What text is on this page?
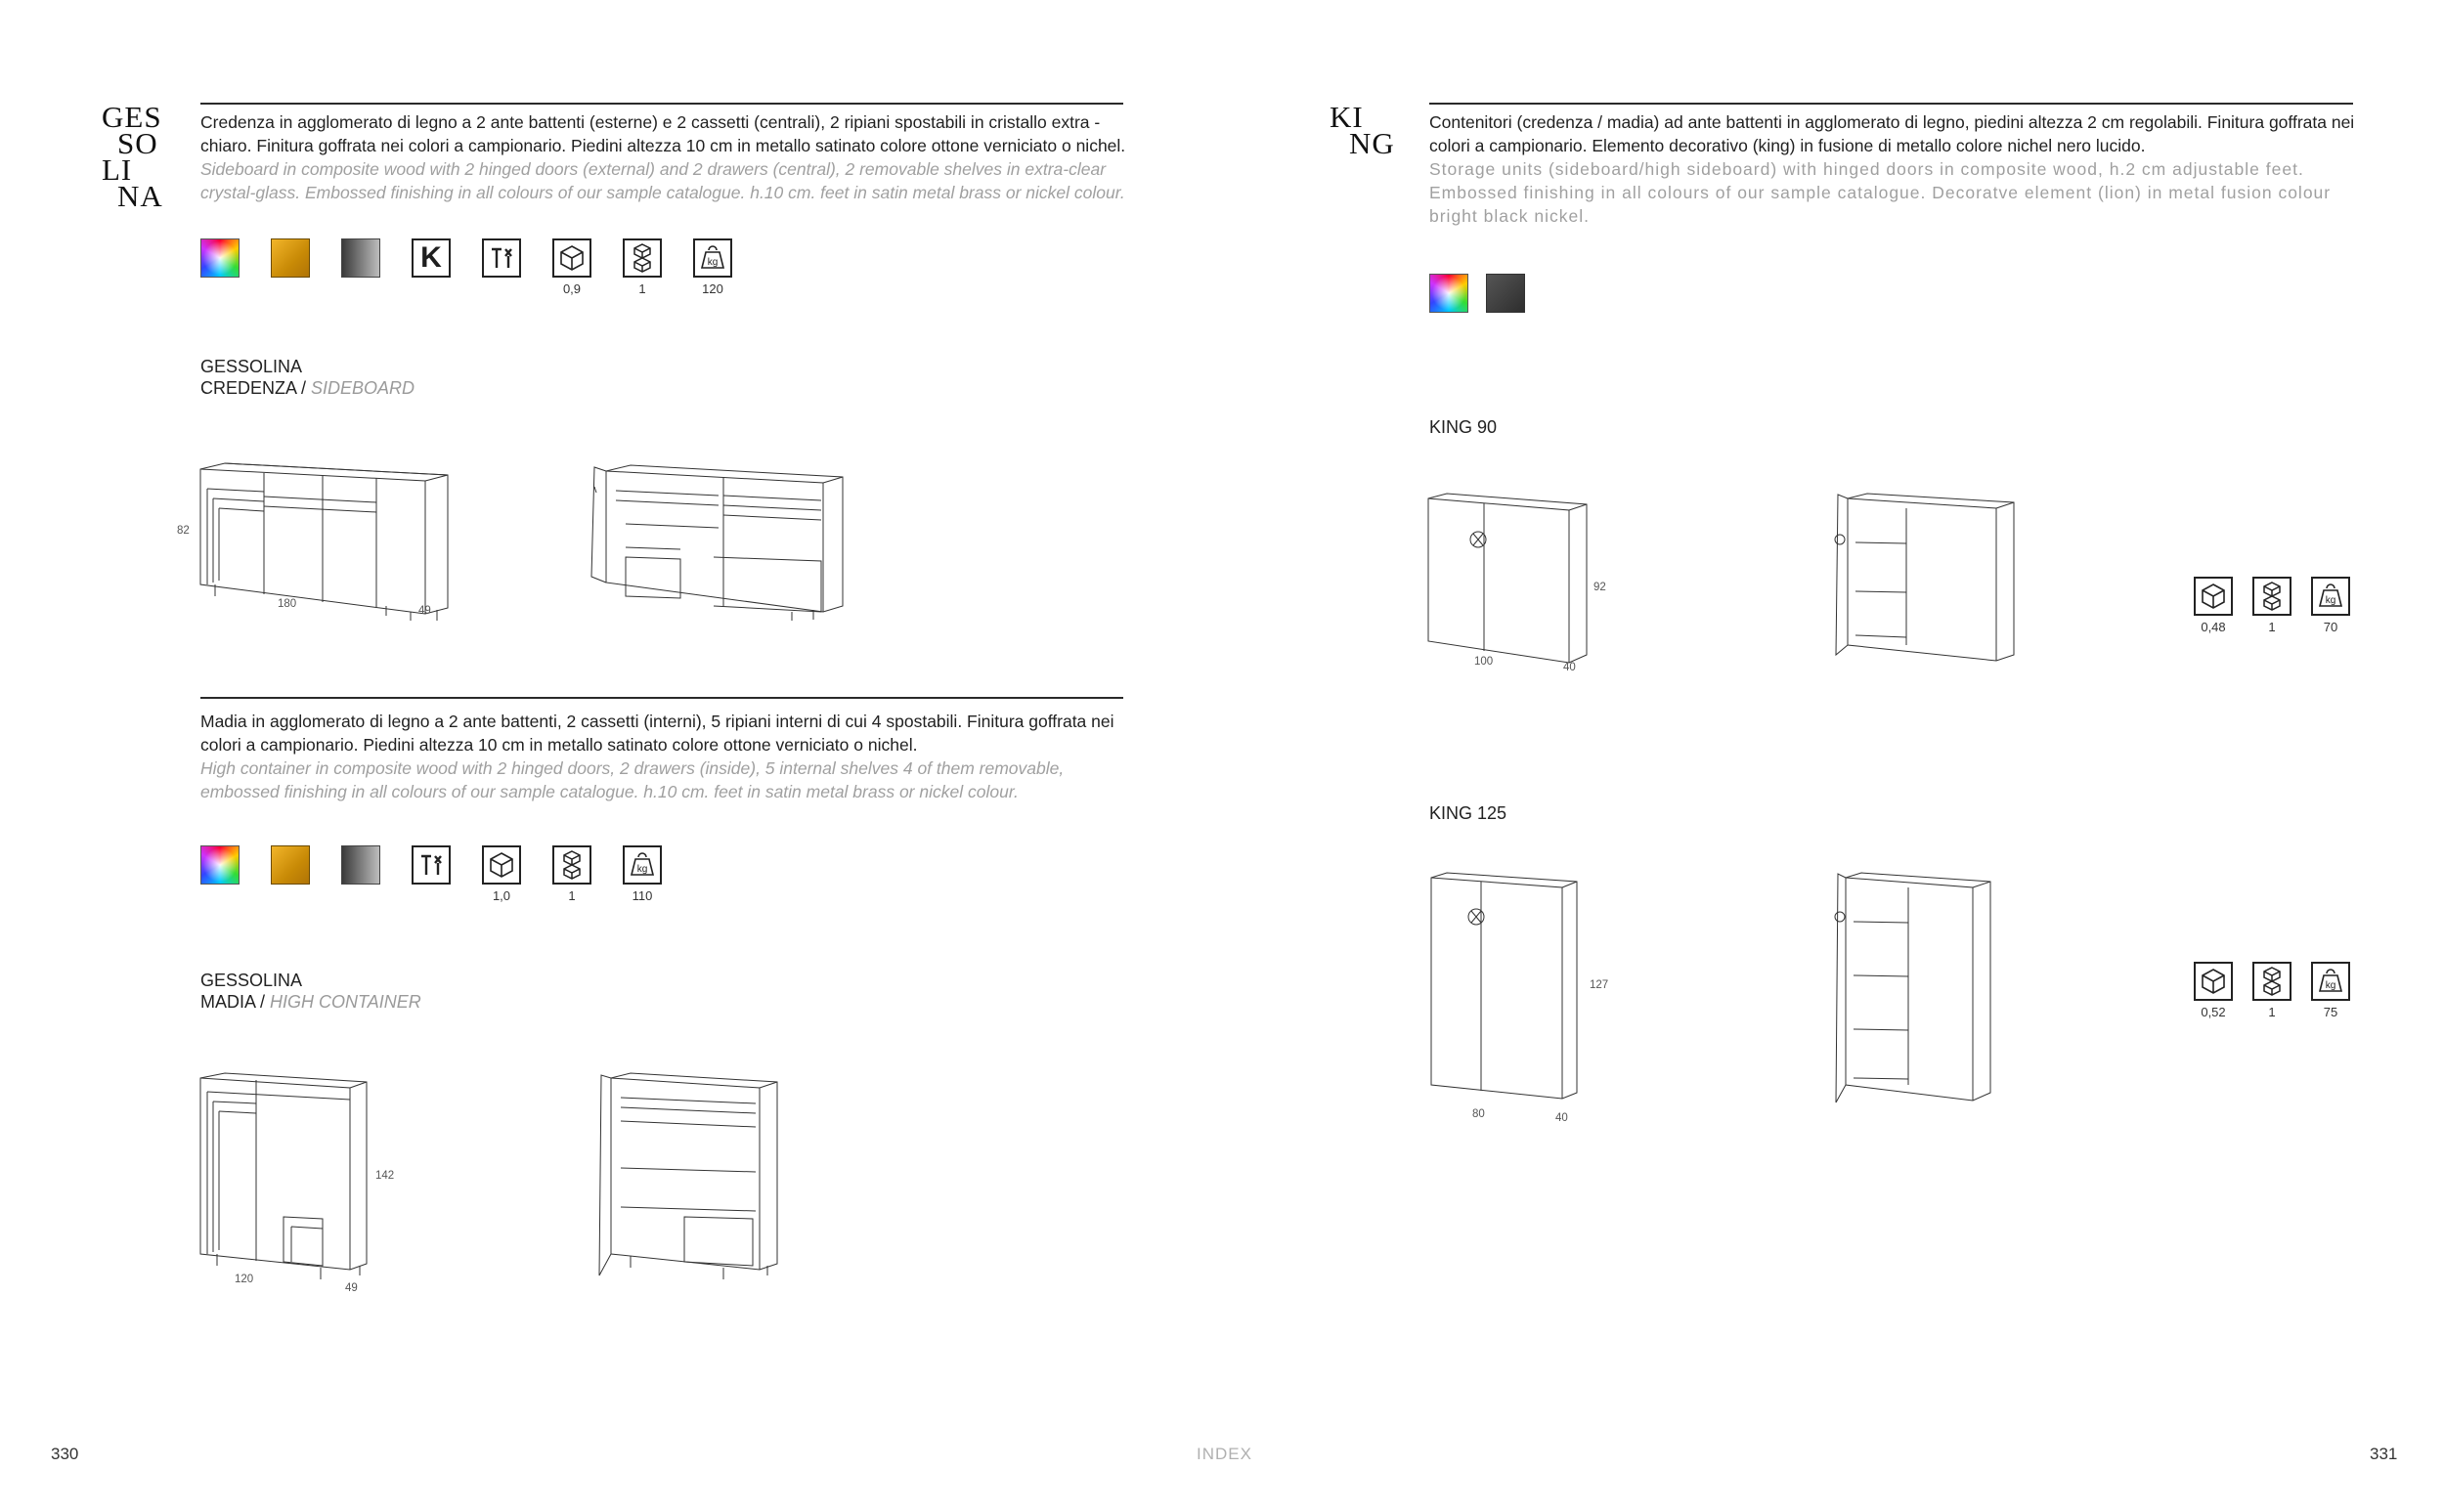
GES
SO
LI
NA
Credenza in agglomerato di legno a 2 ante battenti (esterne) e 2 cassetti (centrali), 2 ripiani spostabili in cristallo extra - chiaro. Finitura goffrata nei colori a campionario. Piedini altezza 10 cm in metallo satinato colore ottone verniciato o nichel.
Sideboard in composite wood with 2 hinged doors (external) and 2 drawers (central), 2 removable shelves in extra-clear crystal-glass. Embossed finishing in all colours of our sample catalogue. h.10 cm. feet in satin metal brass or nickel colour.
K
0,9	1
kg
120
GESSOLINA
CREDENZA / SIDEBOARD
82
180
49
Madia in agglomerato di legno a 2 ante battenti, 2 cassetti (interni), 5 ripiani interni di cui 4 spostabili. Finitura goffrata nei colori a campionario. Piedini altezza 10 cm in metallo satinato colore ottone verniciato o nichel.
High container in composite wood with 2 hinged doors, 2 drawers (inside), 5 internal shelves 4 of them removable, embossed finishing in all colours of our sample catalogue. h.10 cm. feet in satin metal brass or nickel colour.
1,0	1
kg
110
GESSOLINA
MADIA / HIGH CONTAINER
142
120
49
KI
NG
Contenitori (credenza / madia) ad ante battenti in agglomerato di legno, piedini altezza 2 cm regolabili. Finitura goffrata nei colori a campionario. Elemento decorativo (king) in fusione di metallo colore nichel nero lucido.
Storage units (sideboard/high sideboard) with hinged doors in composite wood, h.2 cm adjustable feet. Embossed finishing in all colours of our sample catalogue. Decoratve element (lion) in metal fusion colour bright black nickel.
KING 90
92
100	40
0,48	1
kg
70
KING 125
127
80	40
0,52	1
kg
75
330	INDEX	331
